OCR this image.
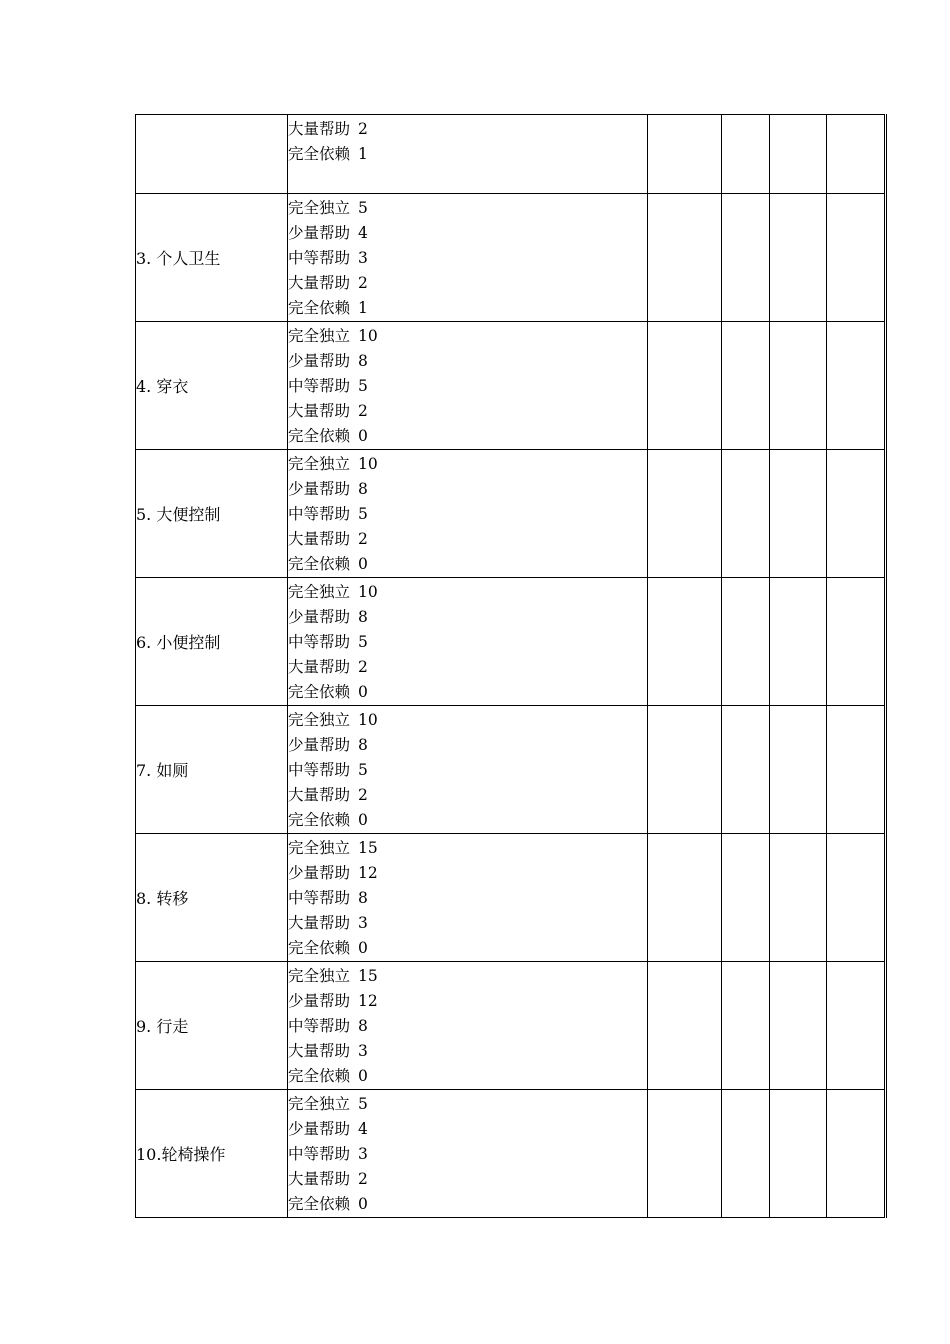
	大量帮助 2
完全依赖 1				

3. 个人卫生	完全独立 5
少量帮助 4
中等帮助 3
大量帮助 2
完全依赖 1				

4. 穿衣	完全独立 10
少量帮助 8
中等帮助 5
大量帮助 2
完全依赖 0				

5. 大便控制	完全独立 10
少量帮助 8
中等帮助 5
大量帮助 2
完全依赖 0				

6. 小便控制	完全独立 10
少量帮助 8
中等帮助 5
大量帮助 2
完全依赖 0				

7. 如厕	完全独立 10
少量帮助 8
中等帮助 5
大量帮助 2
完全依赖 0				

8. 转移	完全独立 15
少量帮助 12
中等帮助 8
大量帮助 3
完全依赖 0				

9. 行走	完全独立 15
少量帮助 12
中等帮助 8
大量帮助 3
完全依赖 0				

10.轮椅操作	完全独立 5
少量帮助 4
中等帮助 3
大量帮助 2
完全依赖 0				
